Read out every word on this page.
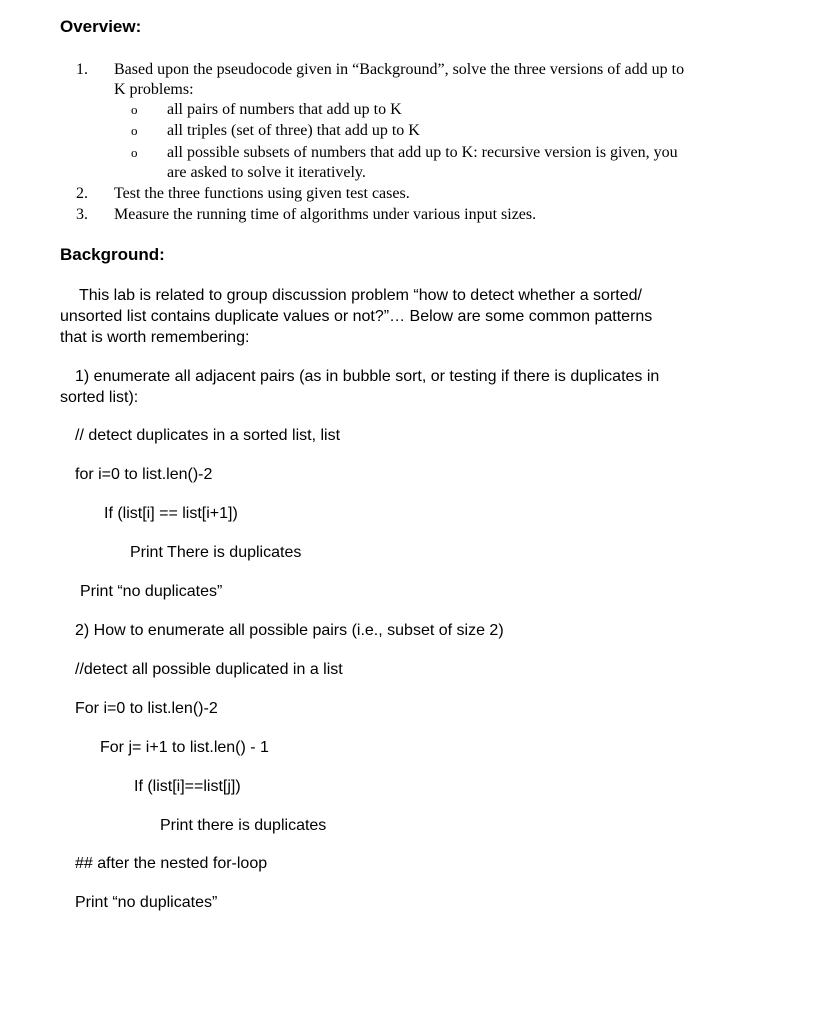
Overview:
1. Based upon the pseudocode given in “Background”, solve the three versions of add up to
K problems:
o all pairs of numbers that add up to K
o all triples (set of three) that add up to K
o all possible subsets of numbers that add up to K: recursive version is given, you
are asked to solve it iteratively.
2. Test the three functions using given test cases.
3. Measure the running time of algorithms under various input sizes.
Background:
This lab is related to group discussion problem “how to detect whether a sorted/
unsorted list contains duplicate values or not?”… Below are some common patterns
that is worth remembering:
1) enumerate all adjacent pairs (as in bubble sort, or testing if there is duplicates in
sorted list):
// detect duplicates in a sorted list, list
for i=0 to list.len()-2
If (list[i] == list[i+1])
Print There is duplicates
Print “no duplicates”
2) How to enumerate all possible pairs (i.e., subset of size 2)
//detect all possible duplicated in a list
For i=0 to list.len()-2
For j= i+1 to list.len() - 1
If (list[i]==list[j])
Print there is duplicates
## after the nested for-loop
Print “no duplicates”
